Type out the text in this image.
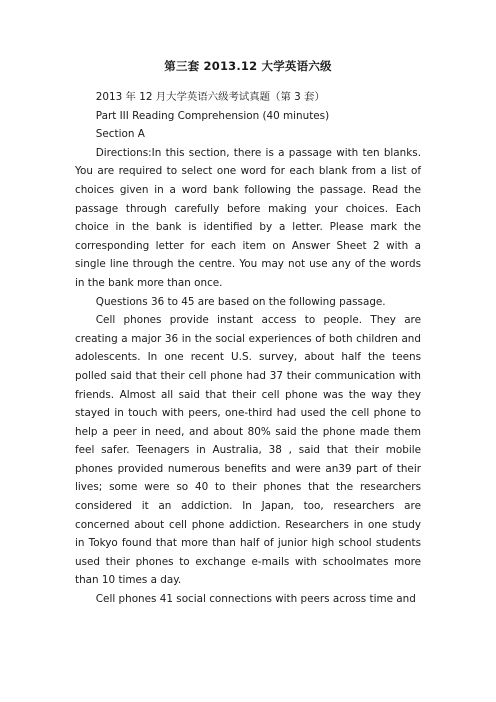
第三套 2013.12 大学英语六级

2013 年 12 月大学英语六级考试真题（第 3 套）

Part III Reading Comprehension (40 minutes)

Section A

Directions:In this section, there is a passage with ten blanks. You are required to select one word for each blank from a list of choices given in a word bank following the passage. Read the passage through carefully before making your choices. Each choice in the bank is identified by a letter. Please mark the corresponding letter for each item on Answer Sheet 2 with a single line through the centre. You may not use any of the words in the bank more than once.

Questions 36 to 45 are based on the following passage.

Cell phones provide instant access to people. They are creating a major 36 in the social experiences of both children and adolescents. In one recent U.S. survey, about half the teens polled said that their cell phone had 37 their communication with friends. Almost all said that their cell phone was the way they stayed in touch with peers, one-third had used the cell phone to help a peer in need, and about 80% said the phone made them feel safer. Teenagers in Australia, 38 , said that their mobile phones provided numerous benefits and were an39 part of their lives; some were so 40 to their phones that the researchers considered it an addiction. In Japan, too, researchers are concerned about cell phone addiction. Researchers in one study in Tokyo found that more than half of junior high school students used their phones to exchange e-mails with schoolmates more than 10 times a day.

Cell phones 41 social connections with peers across time and
